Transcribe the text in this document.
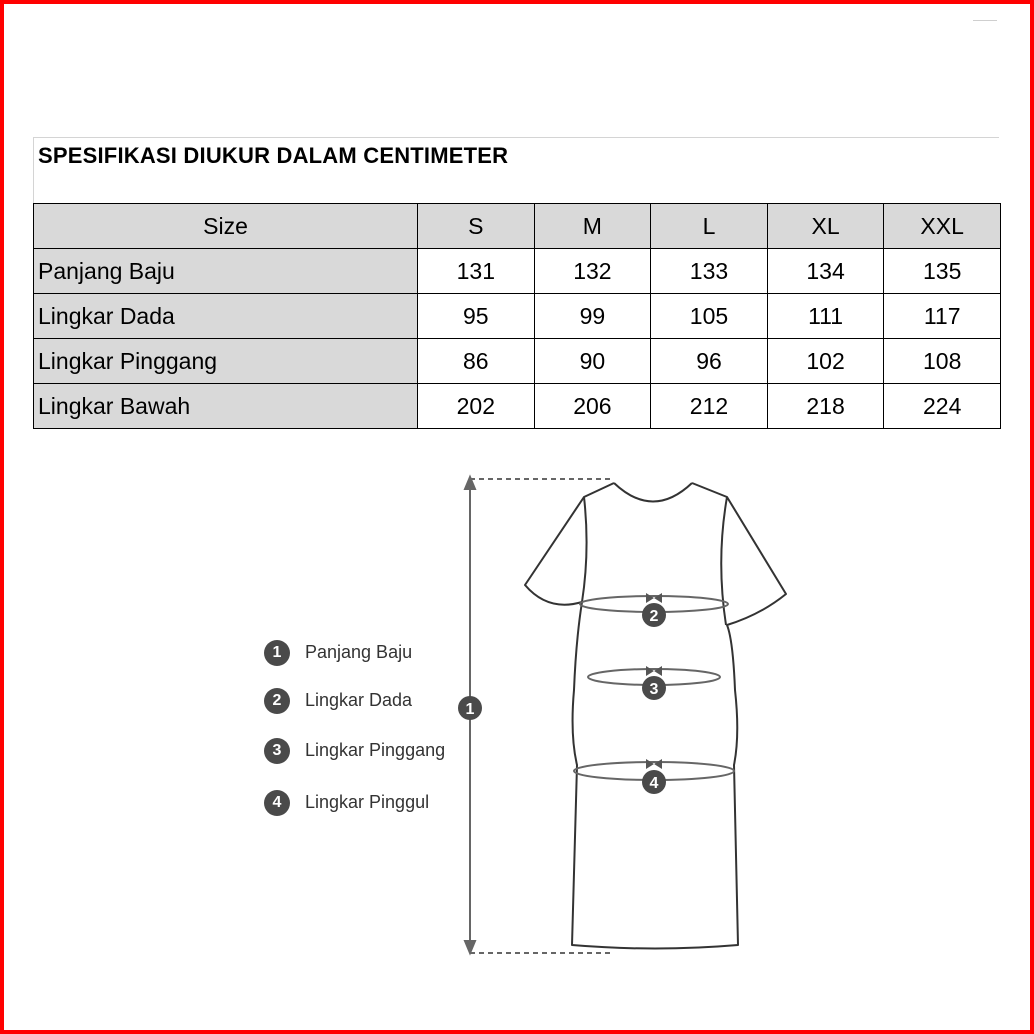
SPESIFIKASI DIUKUR DALAM CENTIMETER
Size	S	M	L	XL	XXL
Panjang Baju	131	132	133	134	135
Lingkar Dada	95	99	105	111	117
Lingkar Pinggang	86	90	96	102	108
Lingkar Bawah	202	206	212	218	224
1	Panjang Baju
2	Lingkar Dada
3	Lingkar Pinggang
4	Lingkar Pinggul
1
2
3
4
